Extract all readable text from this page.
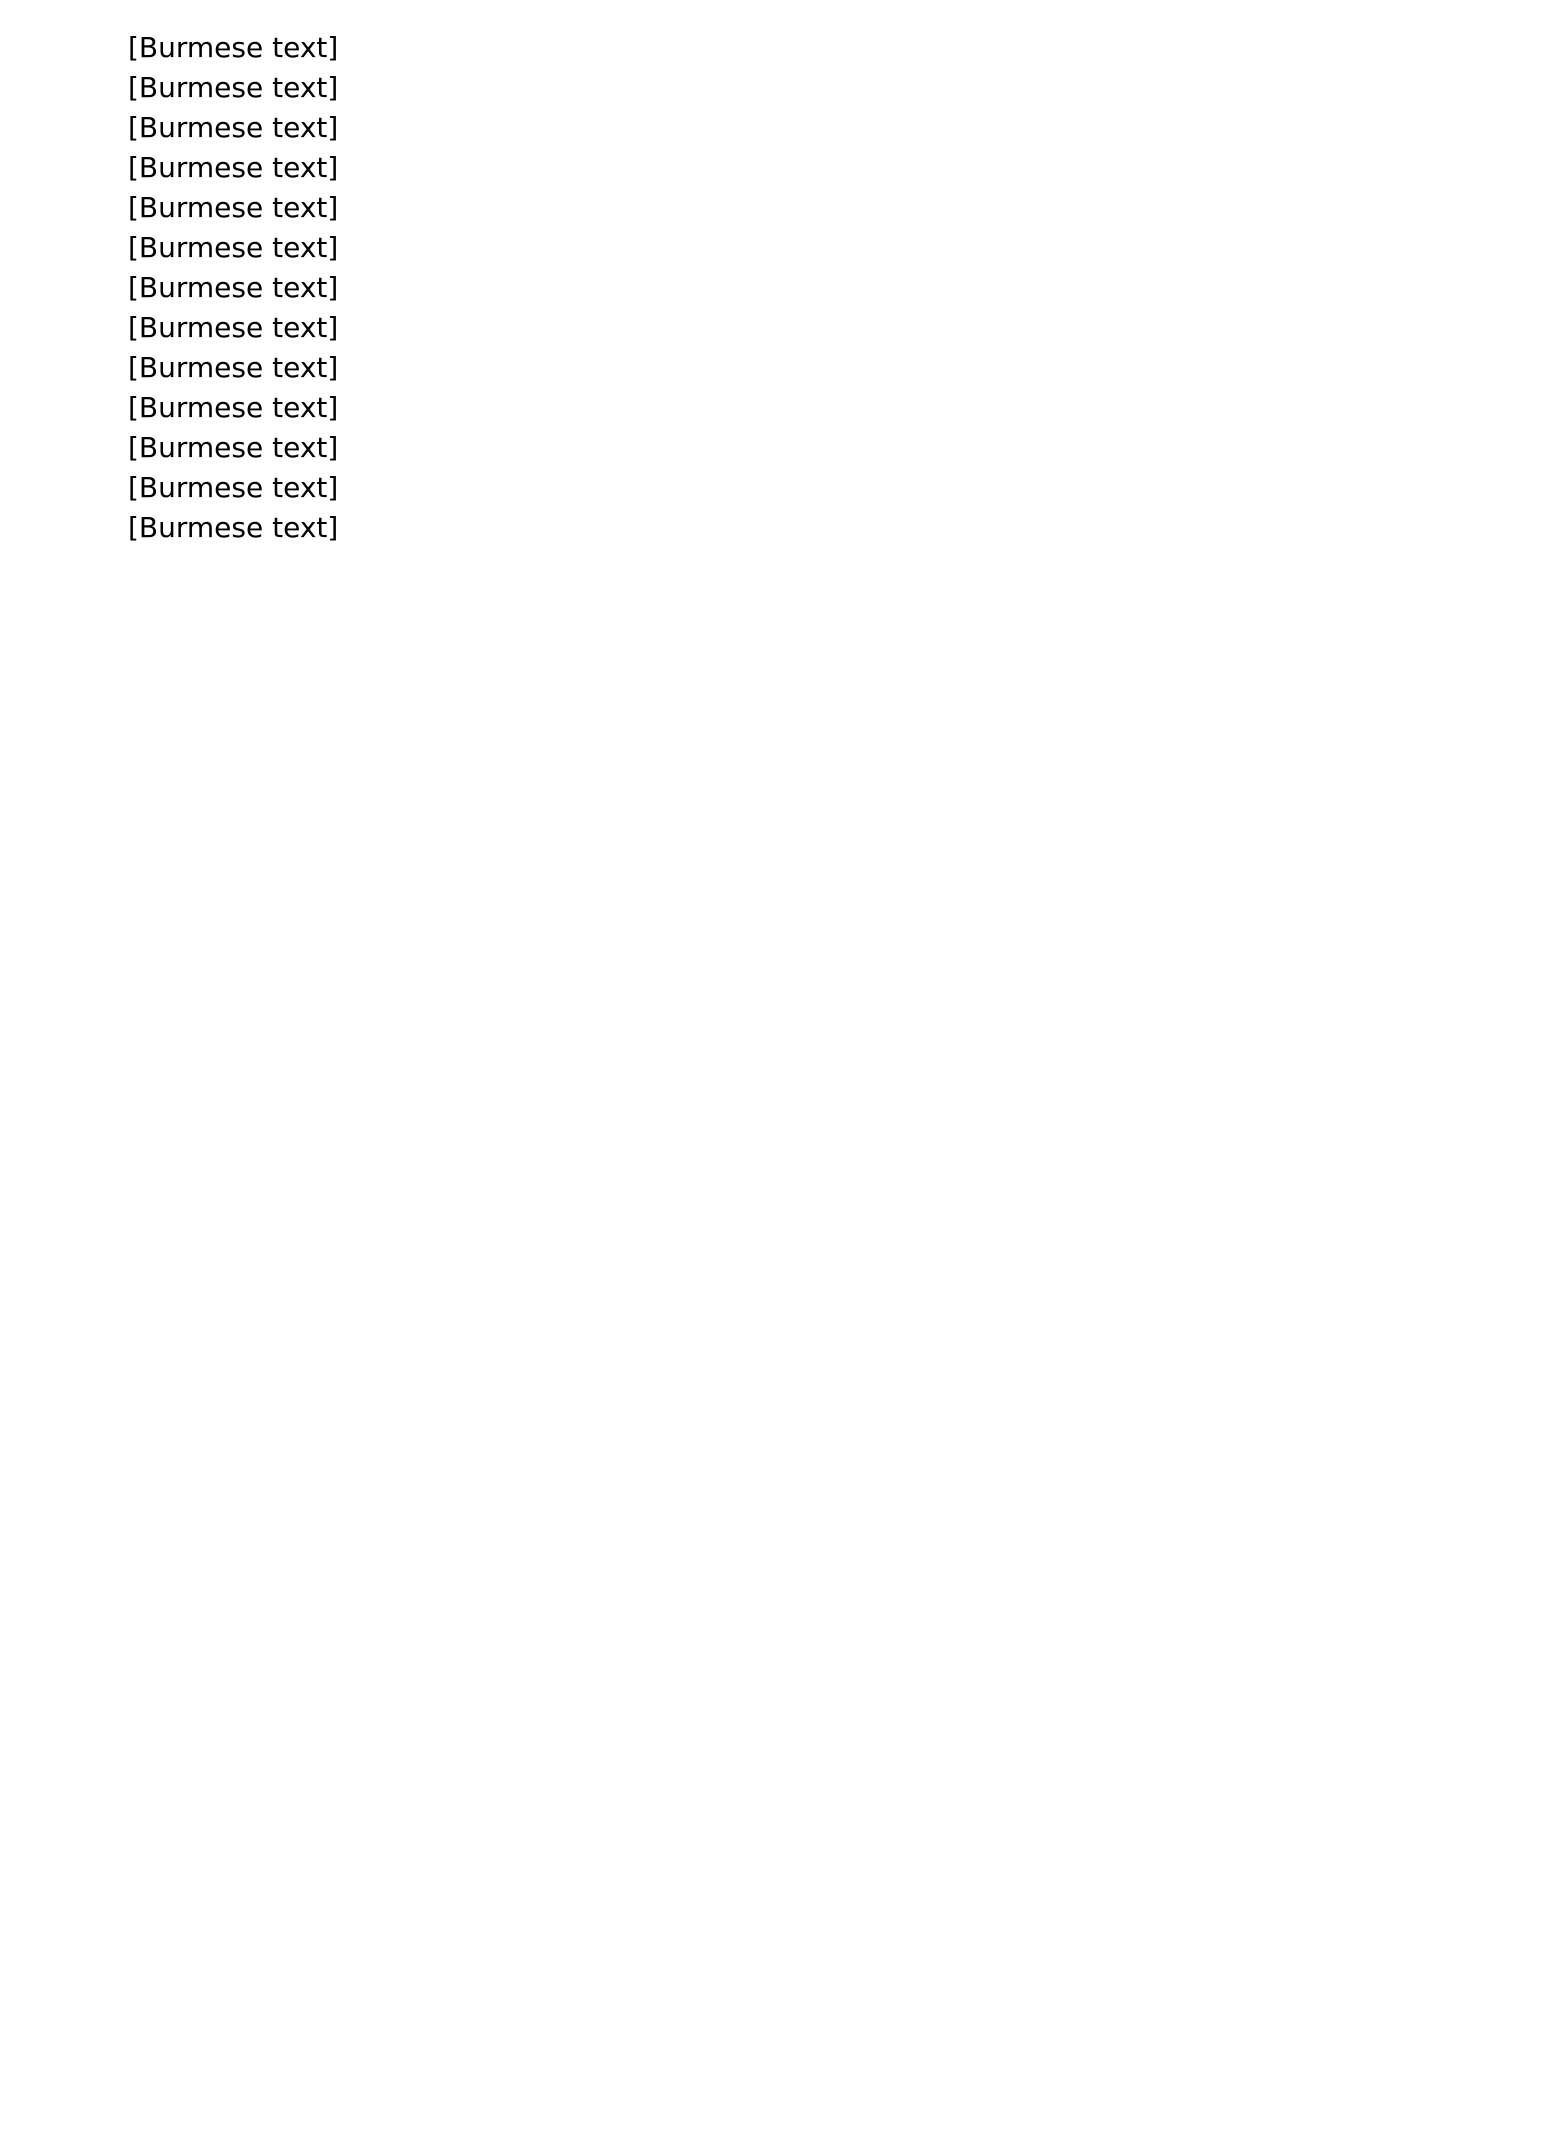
[Burmese text]

[Burmese text]

[Burmese text]

[Burmese text]

[Burmese text]

[Burmese text]

[Burmese text]

[Burmese text]

[Burmese text]

[Burmese text]

[Burmese text]

[Burmese text]

[Burmese text]
